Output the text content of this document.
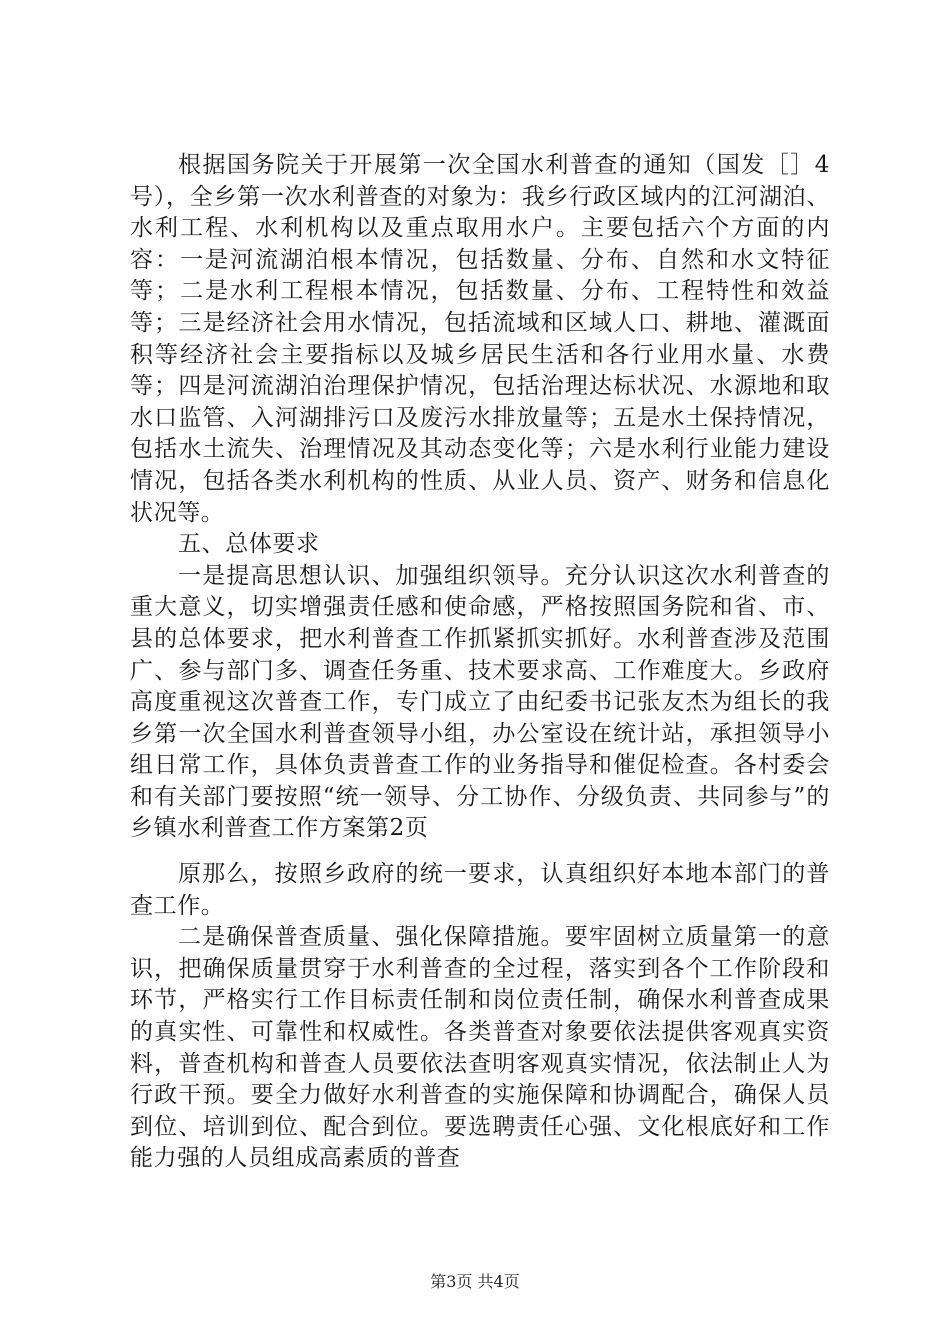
根据国务院关于开展第一次全国水利普查的通知（国发［］4号），全乡第一次水利普查的对象为：我乡行政区域内的江河湖泊、水利工程、水利机构以及重点取用水户。主要包括六个方面的内容：一是河流湖泊根本情况，包括数量、分布、自然和水文特征等；二是水利工程根本情况，包括数量、分布、工程特性和效益等；三是经济社会用水情况，包括流域和区域人口、耕地、灌溉面积等经济社会主要指标以及城乡居民生活和各行业用水量、水费等；四是河流湖泊治理保护情况，包括治理达标状况、水源地和取水口监管、入河湖排污口及废污水排放量等；五是水土保持情况，包括水土流失、治理情况及其动态变化等；六是水利行业能力建设情况，包括各类水利机构的性质、从业人员、资产、财务和信息化状况等。

五、总体要求

一是提高思想认识、加强组织领导。充分认识这次水利普查的重大意义，切实增强责任感和使命感，严格按照国务院和省、市、县的总体要求，把水利普查工作抓紧抓实抓好。水利普查涉及范围广、参与部门多、调查任务重、技术要求高、工作难度大。乡政府高度重视这次普查工作，专门成立了由纪委书记张友杰为组长的我乡第一次全国水利普查领导小组，办公室设在统计站，承担领导小组日常工作，具体负责普查工作的业务指导和催促检查。各村委会和有关部门要按照“统一领导、分工协作、分级负责、共同参与”的乡镇水利普查工作方案第2页

原那么，按照乡政府的统一要求，认真组织好本地本部门的普查工作。

二是确保普查质量、强化保障措施。要牢固树立质量第一的意识，把确保质量贯穿于水利普查的全过程，落实到各个工作阶段和环节，严格实行工作目标责任制和岗位责任制，确保水利普查成果的真实性、可靠性和权威性。各类普查对象要依法提供客观真实资料，普查机构和普查人员要依法查明客观真实情况，依法制止人为行政干预。要全力做好水利普查的实施保障和协调配合，确保人员到位、培训到位、配合到位。要选聘责任心强、文化根底好和工作能力强的人员组成高素质的普查

第3页 共4页
